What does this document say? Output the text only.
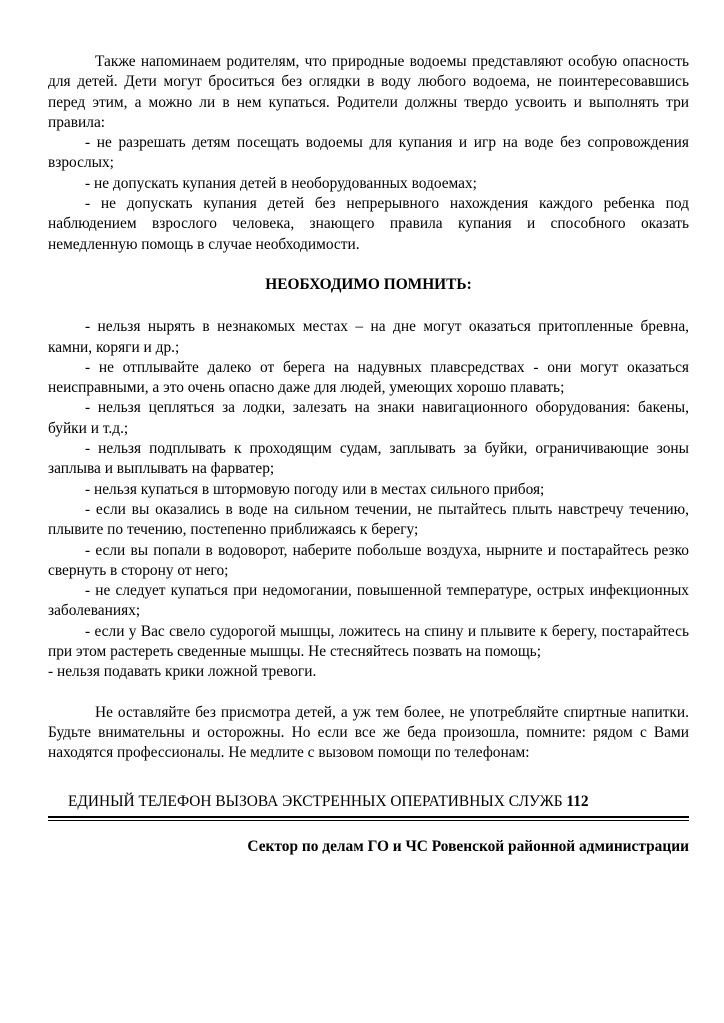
Также напоминаем родителям, что природные водоемы представляют особую опасность для детей. Дети могут броситься без оглядки в воду любого водоема, не поинтересовавшись перед этим, а можно ли в нем купаться. Родители должны твердо усвоить и выполнять три правила:

- не разрешать детям посещать водоемы для купания и игр на воде без сопровождения взрослых;

- не допускать купания детей в необорудованных водоемах;

- не допускать купания детей без непрерывного нахождения каждого ребенка под наблюдением взрослого человека, знающего правила купания и способного оказать немедленную помощь в случае необходимости.

НЕОБХОДИМО ПОМНИТЬ:

- нельзя нырять в незнакомых местах – на дне могут оказаться притопленные бревна, камни, коряги и др.;

- не отплывайте далеко от берега на надувных плавсредствах - они могут оказаться неисправными, а это очень опасно даже для людей, умеющих хорошо плавать;

- нельзя цепляться за лодки, залезать на знаки навигационного оборудования: бакены, буйки и т.д.;

- нельзя подплывать к проходящим судам, заплывать за буйки, ограничивающие зоны заплыва и выплывать на фарватер;

- нельзя купаться в штормовую погоду или в местах сильного прибоя;

- если вы оказались в воде на сильном течении, не пытайтесь плыть навстречу течению, плывите по течению, постепенно приближаясь к берегу;

- если вы попали в водоворот, наберите побольше воздуха, нырните и постарайтесь резко свернуть в сторону от него;

- не следует купаться при недомогании, повышенной температуре, острых инфекционных заболеваниях;

- если у Вас свело судорогой мышцы, ложитесь на спину и плывите к берегу, постарайтесь при этом растереть сведенные мышцы. Не стесняйтесь позвать на помощь;

- нельзя подавать крики ложной тревоги.

Не оставляйте без присмотра детей, а уж тем более, не употребляйте спиртные напитки. Будьте внимательны и осторожны. Но если все же беда произошла, помните: рядом с Вами находятся профессионалы. Не медлите с вызовом помощи по телефонам:

ЕДИНЫЙ ТЕЛЕФОН ВЫЗОВА ЭКСТРЕННЫХ ОПЕРАТИВНЫХ СЛУЖБ 112

Сектор по делам ГО и ЧС Ровенской районной администрации
